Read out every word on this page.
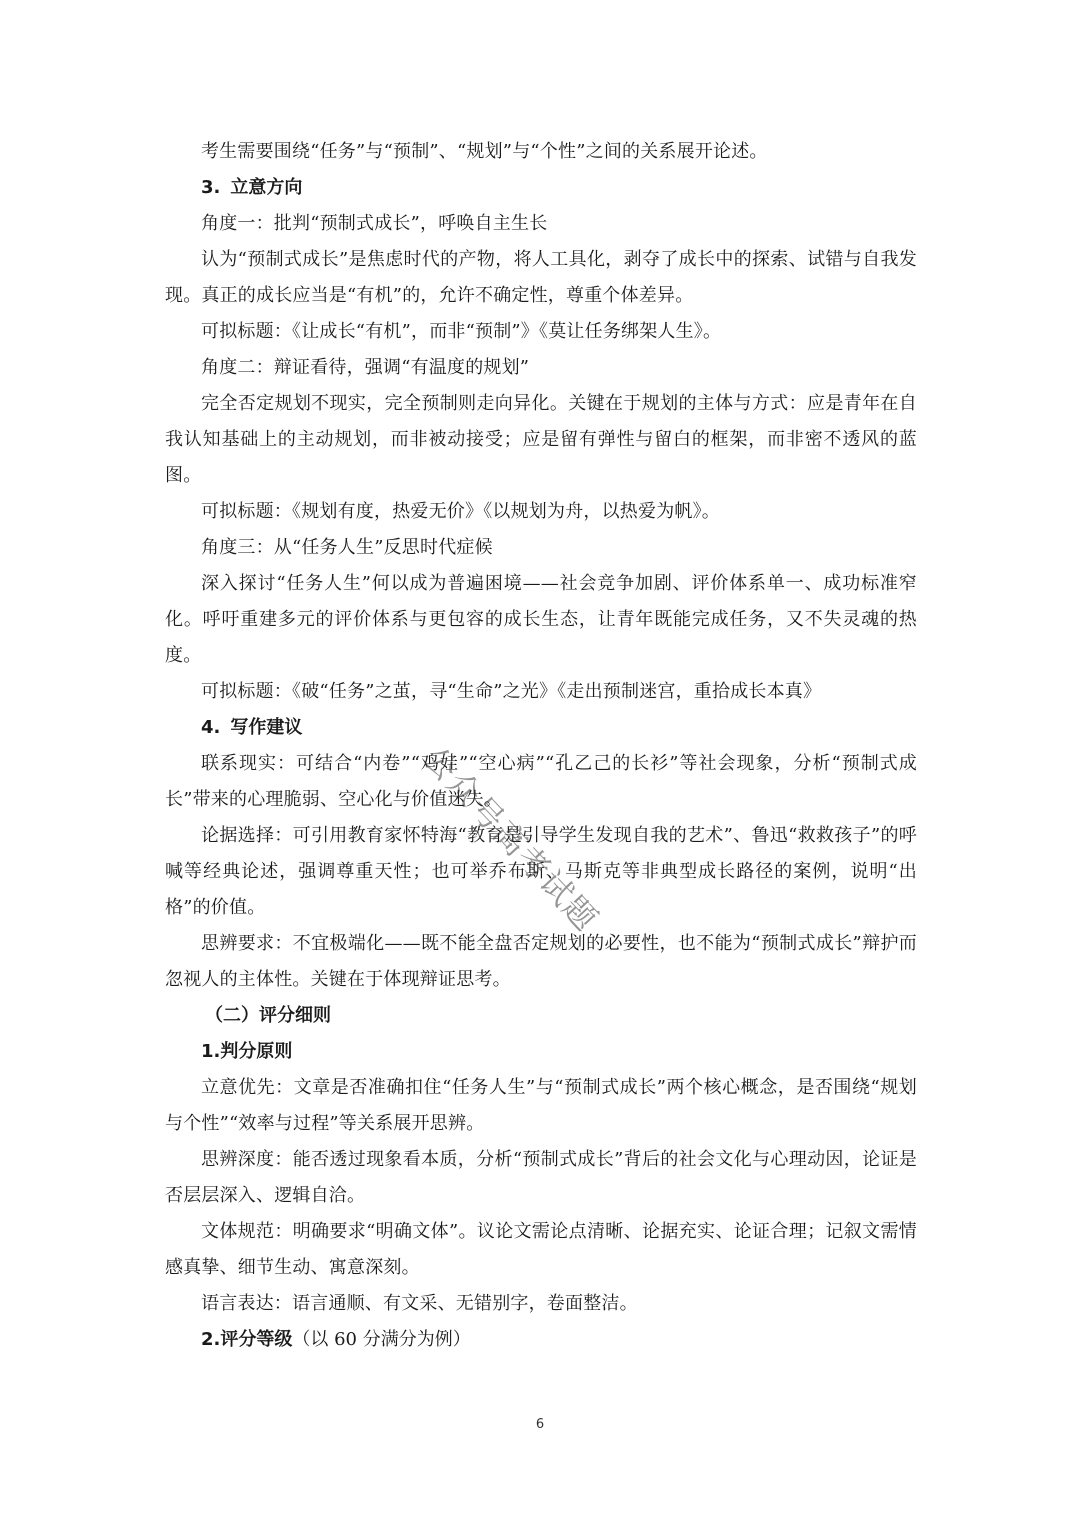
考生需要围绕“任务”与“预制”、“规划”与“个性”之间的关系展开论述。

3. 立意方向

角度一：批判“预制式成长”，呼唤自主生长

认为“预制式成长”是焦虑时代的产物，将人工具化，剥夺了成长中的探索、试错与自我发现。真正的成长应当是“有机”的，允许不确定性，尊重个体差异。

可拟标题：《让成长“有机”，而非“预制”》《莫让任务绑架人生》。

角度二：辩证看待，强调“有温度的规划”

完全否定规划不现实，完全预制则走向异化。关键在于规划的主体与方式：应是青年在自我认知基础上的主动规划，而非被动接受；应是留有弹性与留白的框架，而非密不透风的蓝图。

可拟标题：《规划有度，热爱无价》《以规划为舟，以热爱为帆》。

角度三：从“任务人生”反思时代症候

深入探讨“任务人生”何以成为普遍困境——社会竞争加剧、评价体系单一、成功标准窄化。呼吁重建多元的评价体系与更包容的成长生态，让青年既能完成任务，又不失灵魂的热度。

可拟标题：《破“任务”之茧，寻“生命”之光》《走出预制迷宫，重拾成长本真》

4. 写作建议

联系现实：可结合“内卷”“鸡娃”“空心病”“孔乙己的长衫”等社会现象，分析“预制式成长”带来的心理脆弱、空心化与价值迷失。

论据选择：可引用教育家怀特海“教育是引导学生发现自我的艺术”、鲁迅“救救孩子”的呼喊等经典论述，强调尊重天性；也可举乔布斯、马斯克等非典型成长路径的案例，说明“出格”的价值。

思辨要求：不宜极端化——既不能全盘否定规划的必要性，也不能为“预制式成长”辩护而忽视人的主体性。关键在于体现辩证思考。

（二）评分细则

1.判分原则

立意优先：文章是否准确扣住“任务人生”与“预制式成长”两个核心概念，是否围绕“规划与个性”“效率与过程”等关系展开思辨。

思辨深度：能否透过现象看本质，分析“预制式成长”背后的社会文化与心理动因，论证是否层层深入、逻辑自洽。

文体规范：明确要求“明确文体”。议论文需论点清晰、论据充实、论证合理；记叙文需情感真挚、细节生动、寓意深刻。

语言表达：语言通顺、有文采、无错别字，卷面整洁。

2.评分等级（以 60 分满分为例）

公众号高考试题
6
